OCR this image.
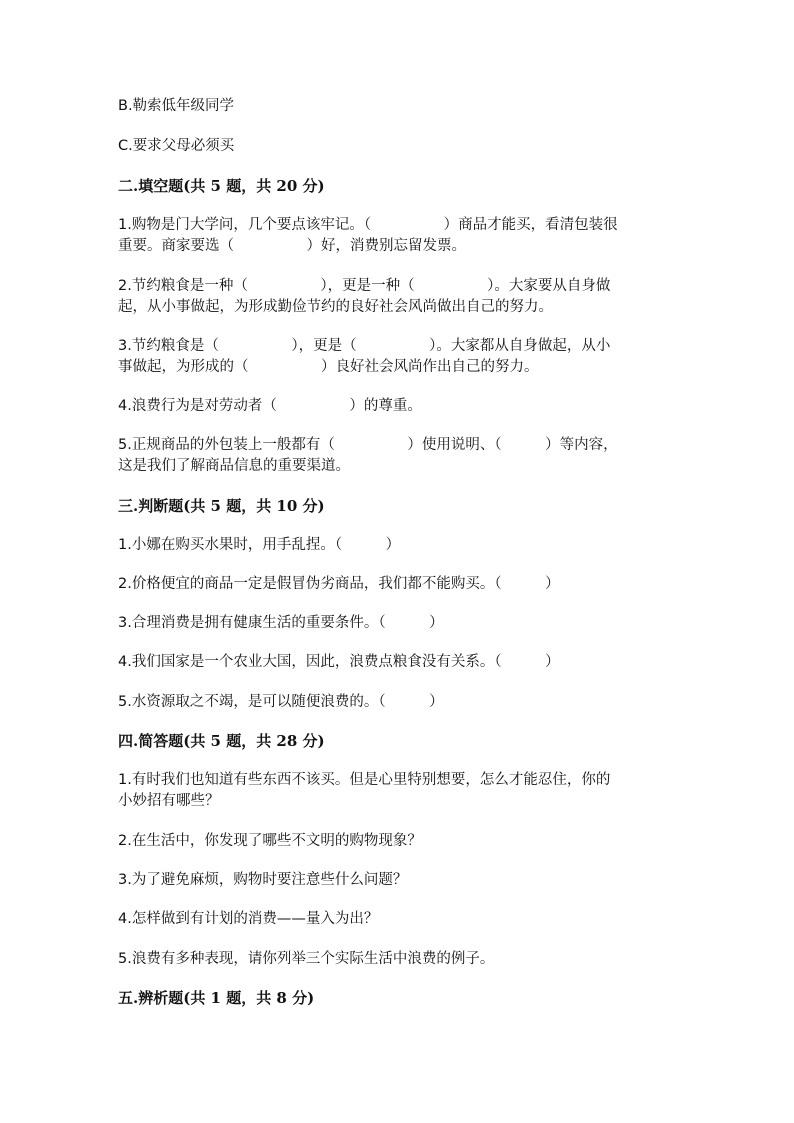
B.勒索低年级同学
C.要求父母必须买
二.填空题(共 5 题，共 20 分)
1.购物是门大学问，几个要点该牢记。（　　　　　）商品才能买，看清包装很
重要。商家要选（　　　　　）好，消费别忘留发票。
2.节约粮食是一种（　　　　　），更是一种（　　　　　）。大家要从自身做
起，从小事做起，为形成勤俭节约的良好社会风尚做出自己的努力。
3.节约粮食是（　　　　　），更是（　　　　　）。大家都从自身做起，从小
事做起，为形成的（　　　　　）良好社会风尚作出自己的努力。
4.浪费行为是对劳动者（　　　　　）的尊重。
5.正规商品的外包装上一般都有（　　　　　）使用说明、（　　　）等内容，
这是我们了解商品信息的重要渠道。
三.判断题(共 5 题，共 10 分)
1.小娜在购买水果时，用手乱捏。（　　　）
2.价格便宜的商品一定是假冒伪劣商品，我们都不能购买。（　　　）
3.合理消费是拥有健康生活的重要条件。（　　　）
4.我们国家是一个农业大国，因此，浪费点粮食没有关系。（　　　）
5.水资源取之不竭，是可以随便浪费的。（　　　）
四.简答题(共 5 题，共 28 分)
1.有时我们也知道有些东西不该买。但是心里特别想要，怎么才能忍住，你的
小妙招有哪些？
2.在生活中，你发现了哪些不文明的购物现象？
3.为了避免麻烦，购物时要注意些什么问题？
4.怎样做到有计划的消费——量入为出？
5.浪费有多种表现，请你列举三个实际生活中浪费的例子。
五.辨析题(共 1 题，共 8 分)
